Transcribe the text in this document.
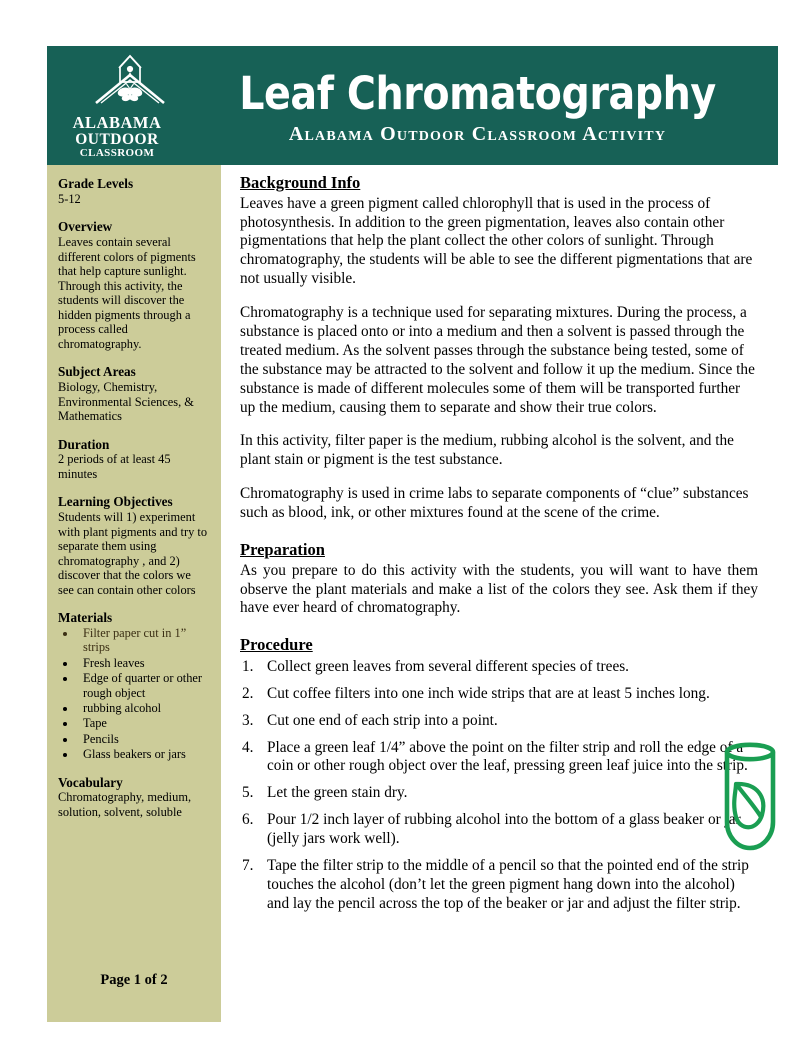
ALABAMA
OUTDOOR
CLASSROOM
Leaf Chromatography
Alabama Outdoor Classroom Activity
Grade Levels

5-12

Overview

Leaves contain several different colors of pigments that help capture sunlight. Through this activity, the students will discover the hidden pigments through a process called chromatography.

Subject Areas

Biology, Chemistry, Environmental Sciences, & Mathematics

Duration

2 periods of at least 45 minutes

Learning Objectives

Students will 1) experiment with plant pigments and try to separate them using chromatography , and 2) discover that the colors we see can contain other colors

Materials
• Filter paper cut in 1” strips
• Fresh leaves
• Edge of quarter or other rough object
• rubbing alcohol
• Tape
• Pencils
• Glass beakers or jars
Vocabulary

Chromatography, medium, solution, solvent, soluble

Page 1 of 2
Background Info

Leaves have a green pigment called chlorophyll that is used in the process of photosynthesis. In addition to the green pigmentation, leaves also contain other pigmentations that help the plant collect the other colors of sunlight. Through chromatography, the students will be able to see the different pigmentations that are not usually visible.

Chromatography is a technique used for separating mixtures. During the process, a substance is placed onto or into a medium and then a solvent is passed through the treated medium. As the solvent passes through the substance being tested, some of the substance may be attracted to the solvent and follow it up the medium. Since the substance is made of different molecules some of them will be transported further up the medium, causing them to separate and show their true colors.

In this activity, filter paper is the medium, rubbing alcohol is the solvent, and the plant stain or pigment is the test substance.

Chromatography is used in crime labs to separate components of “clue” substances such as blood, ink, or other mixtures found at the scene of the crime.

Preparation

As you prepare to do this activity with the students, you will want to have them observe the plant materials and make a list of the colors they see. Ask them if they have ever heard of chromatography.

Procedure
1. Collect green leaves from several different species of trees.
2. Cut coffee filters into one inch wide strips that are at least 5 inches long.
3. Cut one end of each strip into a point.
4. Place a green leaf 1/4” above the point on the filter strip and roll the edge of a coin or other rough object over the leaf, pressing green leaf juice into the strip.
5. Let the green stain dry.
6. Pour 1/2 inch layer of rubbing alcohol into the bottom of a glass beaker or jar (jelly jars work well).
7. Tape the filter strip to the middle of a pencil so that the pointed end of the strip touches the alcohol (don’t let the green pigment hang down into the alcohol) and lay the pencil across the top of the beaker or jar and adjust the filter strip.
